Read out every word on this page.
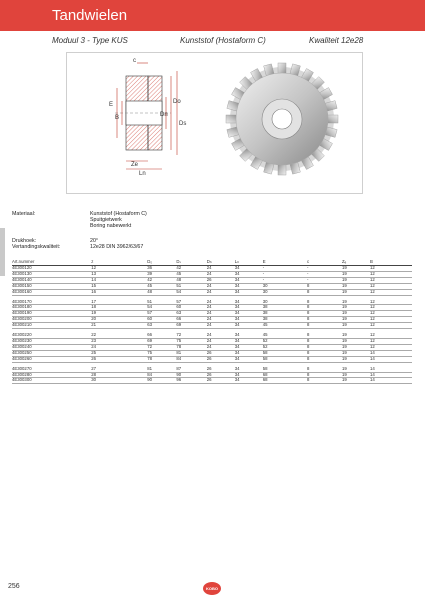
Tandwielen
Moduul 3 - Type KUS	Kunststof (Hostaform C)	Kwaliteit 12e28
c
E
B	Dn
Do
Ds
Ze
Ln
Materiaal:	Kunststof (Hostaform C)
Spuitgietwerk
Boring nabewerkt
Drukhoek:	20°
Vertandingskwaliteit:	12e28 DIN 3962/63/67
Art.nummer	z	D₀	Dₛ	Dₙ	Lₙ	E	c	Zₑ	B
4E300120	12	36	42	24	34	-	-	19	12
4E300130	13	39	45	24	34	-	-	19	12
4E300140	14	42	48	26	34	-	-	19	12
4E300150	15	45	51	24	34	30	8	19	12
4E300160	16	48	54	24	34	30	8	19	12

4E300170	17	51	57	24	34	30	8	19	12
4E300180	18	54	60	24	34	38	8	19	12
4E300190	19	57	63	24	34	38	8	19	12
4E300200	20	60	66	24	34	38	8	19	12
4E300210	21	63	69	24	34	45	8	19	12

4E300220	22	66	72	24	34	45	8	19	12
4E300230	23	69	75	24	34	52	8	19	12
4E300240	24	72	78	24	34	52	8	19	12
4E300250	25	75	81	26	34	58	8	19	14
4E300260	26	78	84	26	34	58	8	19	14

4E300270	27	81	87	26	34	58	8	19	14
4E300280	28	84	90	26	34	68	8	19	14
4E300300	30	90	96	26	34	68	8	19	14
256	KOBO
